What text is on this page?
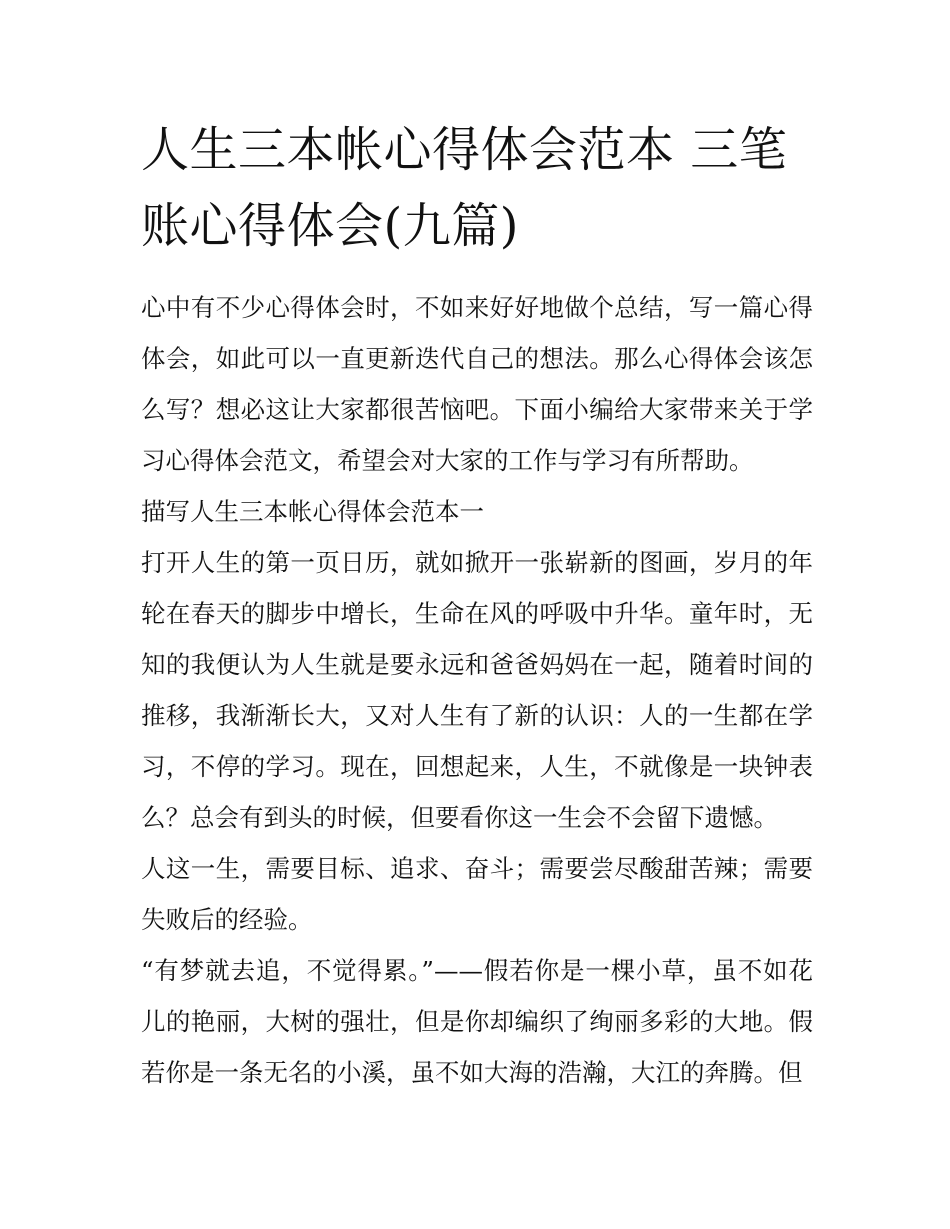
人生三本帐心得体会范本 三笔账心得体会(九篇)

心中有不少心得体会时，不如来好好地做个总结，写一篇心得体会，如此可以一直更新迭代自己的想法。那么心得体会该怎么写？想必这让大家都很苦恼吧。下面小编给大家带来关于学习心得体会范文，希望会对大家的工作与学习有所帮助。

描写人生三本帐心得体会范本一

打开人生的第一页日历，就如掀开一张崭新的图画，岁月的年轮在春天的脚步中增长，生命在风的呼吸中升华。童年时，无知的我便认为人生就是要永远和爸爸妈妈在一起，随着时间的推移，我渐渐长大，又对人生有了新的认识：人的一生都在学习，不停的学习。现在，回想起来，人生，不就像是一块钟表么？总会有到头的时候，但要看你这一生会不会留下遗憾。

人这一生，需要目标、追求、奋斗；需要尝尽酸甜苦辣；需要失败后的经验。

“有梦就去追，不觉得累。”——假若你是一棵小草，虽不如花儿的艳丽，大树的强壮，但是你却编织了绚丽多彩的大地。假若你是一条无名的小溪，虽不如大海的浩瀚，大江的奔腾。但
